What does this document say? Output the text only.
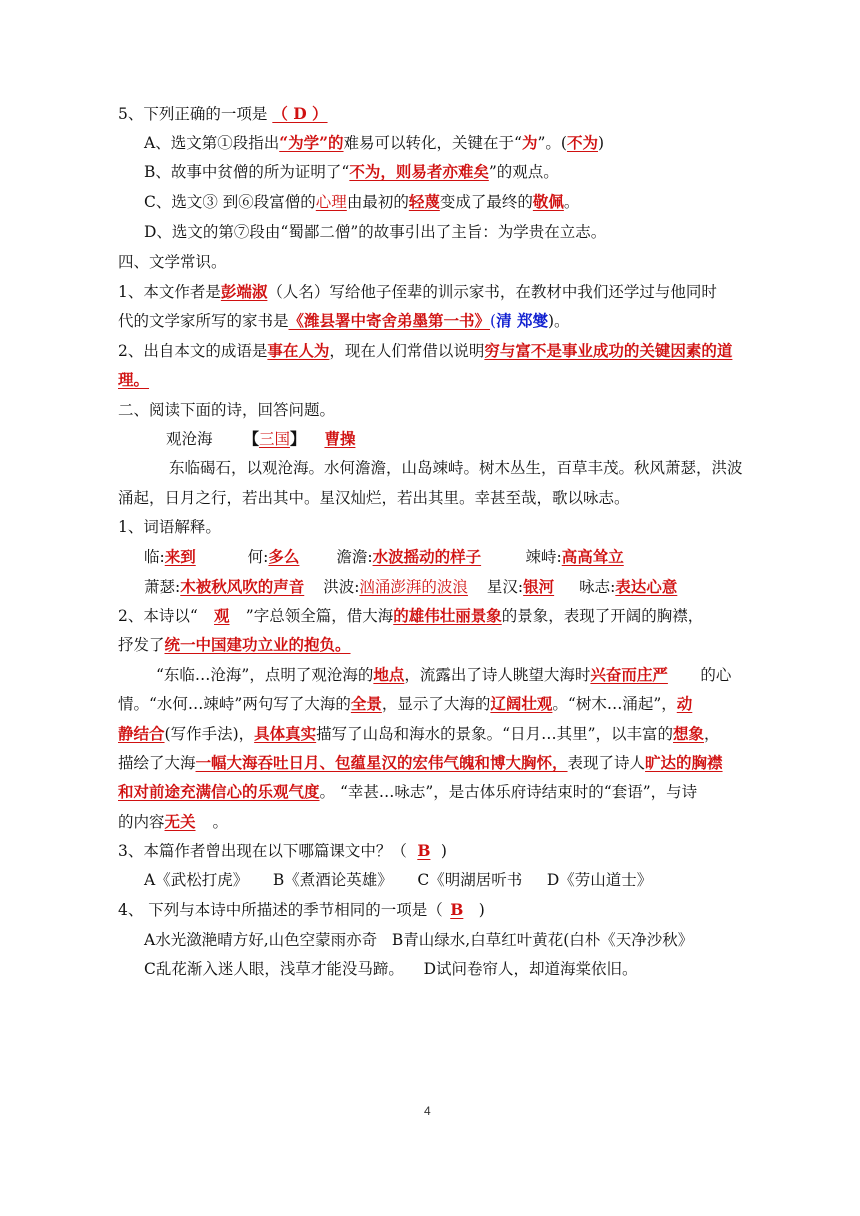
5、下列正确的一项是 （ D ）
A、选文第①段指出“为学”的难易可以转化，关键在于“为”。(不为)
B、故事中贫僧的所为证明了“不为，则易者亦难矣”的观点。
C、选文③ 到⑥段富僧的心理由最初的轻蔑变成了最终的敬佩。
D、选文的第⑦段由“蜀鄙二僧”的故事引出了主旨：为学贵在立志。
四、文学常识。
1、本文作者是彭端淑（人名）写给他子侄辈的训示家书，在教材中我们还学过与他同时
代的文学家所写的家书是《潍县署中寄舍弟墨第一书》(清 郑燮)。
2、出自本文的成语是事在人为，现在人们常借以说明穷与富不是事业成功的关键因素的道
理。
二、阅读下面的诗，回答问题。
观沧海 【三国】 曹操
东临碣石，以观沧海。水何澹澹，山岛竦峙。树木丛生，百草丰茂。秋风萧瑟，洪波
涌起，日月之行，若出其中。星汉灿烂，若出其里。幸甚至哉，歌以咏志。
1、词语解释。
临:来到	何:多么 澹澹:水波摇动的样子	竦峙:高高耸立
萧瑟:木被秋风吹的声音 洪波:汹涌澎湃的波浪 星汉:银河 咏志:表达心意
2、本诗以“ 观 ”字总领全篇，借大海的雄伟壮丽景象的景象，表现了开阔的胸襟，
抒发了统一中国建功立业的抱负。
“东临…沧海”，点明了观沧海的地点，流露出了诗人眺望大海时兴奋而庄严 的心
情。“水何…竦峙”两句写了大海的全景，显示了大海的辽阔壮观。“树木…涌起”，动
静结合(写作手法)，具体真实描写了山岛和海水的景象。“日月…其里”，以丰富的想象，
描绘了大海一幅大海吞吐日月、包蕴星汉的宏伟气魄和博大胸怀，表现了诗人旷达的胸襟
和对前途充满信心的乐观气度。 “幸甚…咏志”，是古体乐府诗结束时的“套语”，与诗
的内容无关 。
3、本篇作者曾出现在以下哪篇课文中？（ B )
A《武松打虎》     B《煮酒论英雄》     C《明湖居听书     D《劳山道士》
4、 下列与本诗中所描述的季节相同的一项是（ B )
A水光潋滟晴方好,山色空蒙雨亦奇   B青山绿水,白草红叶黄花(白朴《天净沙秋》
C乱花渐入迷人眼，浅草才能没马蹄。    D试问卷帘人，却道海棠依旧。
4
